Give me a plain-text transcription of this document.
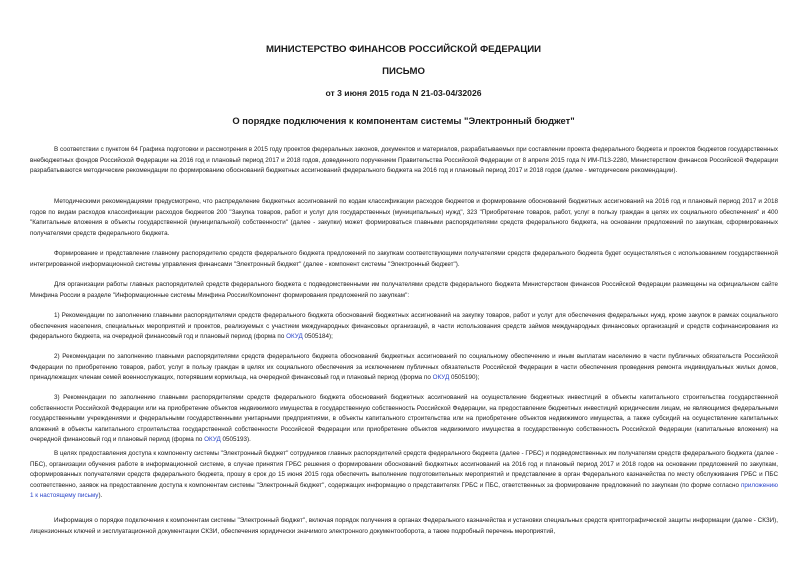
МИНИСТЕРСТВО ФИНАНСОВ РОССИЙСКОЙ ФЕДЕРАЦИИ
ПИСЬМО
от 3 июня 2015 года N 21-03-04/32026
О порядке подключения к компонентам системы "Электронный бюджет"

В соответствии с пунктом 64 Графика подготовки и рассмотрения в 2015 году проектов федеральных законов, документов и материалов, разрабатываемых при составлении проекта федерального бюджета и проектов бюджетов государственных внебюджетных фондов Российской Федерации на 2016 год и плановый период 2017 и 2018 годов, доведенного поручением Правительства Российской Федерации от 8 апреля 2015 года N ИМ-П13-2280, Министерством финансов Российской Федерации разрабатываются методические рекомендации по формированию обоснований бюджетных ассигнований федерального бюджета на 2016 год и плановый период 2017 и 2018 годов (далее - методические рекомендации).

Методическими рекомендациями предусмотрено, что распределение бюджетных ассигнований по кодам классификации расходов бюджетов и формирование обоснований бюджетных ассигнований на 2016 год и плановый период 2017 и 2018 годов по видам расходов классификации расходов бюджетов 200 "Закупка товаров, работ и услуг для государственных (муниципальных) нужд", 323 "Приобретение товаров, работ, услуг в пользу граждан в целях их социального обеспечения" и 400 "Капитальные вложения в объекты государственной (муниципальной) собственности" (далее - закупки) может формироваться главными распорядителями средств федерального бюджета, на основании предложений по закупкам, сформированных получателями средств федерального бюджета.

Формирование и представление главному распорядителю средств федерального бюджета предложений по закупкам соответствующими получателями средств федерального бюджета будет осуществляться с использованием государственной интегрированной информационной системы управления финансами "Электронный бюджет" (далее - компонент системы "Электронный бюджет").

Для организации работы главных распорядителей средств федерального бюджета с подведомственными им получателями средств федерального бюджета Министерством финансов Российской Федерации размещены на официальном сайте Минфина России в разделе "Информационные системы Минфина России/Компонент формирования предложений по закупкам":

1) Рекомендации по заполнению главными распорядителями средств федерального бюджета обоснований бюджетных ассигнований на закупку товаров, работ и услуг для обеспечения федеральных нужд, кроме закупок в рамках социального обеспечения населения, специальных мероприятий и проектов, реализуемых с участием международных финансовых организаций, в части использования средств займов международных финансовых организаций и средств софинансирования из федерального бюджета, на очередной финансовый год и плановый период (форма по ОКУД 0505184);

2) Рекомендации по заполнению главными распорядителями средств федерального бюджета обоснований бюджетных ассигнований по социальному обеспечению и иным выплатам населению в части публичных обязательств Российской Федерации по приобретению товаров, работ, услуг в пользу граждан в целях их социального обеспечения за исключением публичных обязательств Российской Федерации в части обеспечения проведения ремонта индивидуальных жилых домов, принадлежащих членам семей военнослужащих, потерявшим кормильца, на очередной финансовый год и плановый период (форма по ОКУД 0505190);

3) Рекомендации по заполнению главными распорядителями средств федерального бюджета обоснований бюджетных ассигнований на осуществление бюджетных инвестиций в объекты капитального строительства государственной собственности Российской Федерации или на приобретение объектов недвижимого имущества в государственную собственность Российской Федерации, на предоставление бюджетных инвестиций юридическим лицам, не являющимся федеральными государственными учреждениями и федеральными государственными унитарными предприятиями, в объекты капитального строительства или на приобретение объектов недвижимого имущества, а также субсидий на осуществление капитальных вложений в объекты капитального строительства государственной собственности Российской Федерации или приобретение объектов недвижимого имущества в государственную собственность Российской Федерации (капитальные вложения) на очередной финансовый год и плановый период (форма по ОКУД 0505193).

В целях предоставления доступа к компоненту системы "Электронный бюджет" сотрудников главных распорядителей средств федерального бюджета (далее - ГРБС) и подведомственных им получателям средств федерального бюджета (далее - ПБС), организации обучения работе в информационной системе, в случае принятия ГРБС решения о формировании обоснований бюджетных ассигнований на 2016 год и плановый период 2017 и 2018 годов на основании предложений по закупкам, сформированных получателями средств федерального бюджета, прошу в срок до 15 июня 2015 года обеспечить выполнение подготовительных мероприятий и представление в орган Федерального казначейства по месту обслуживания ГРБС и ПБС соответственно, заявок на предоставление доступа к компонентам системы "Электронный бюджет", содержащих информацию о представителях ГРБС и ПБС, ответственных за формирование предложений по закупкам (по форме согласно приложению 1 к настоящему письму).

Информация о порядке подключения к компонентам системы "Электронный бюджет", включая порядок получения в органах Федерального казначейства и установки специальных средств криптографической защиты информации (далее - СКЗИ), лицензионных ключей и эксплуатационной документации СКЗИ, обеспечения юридически значимого электронного документооборота, а также подробный перечень мероприятий,
